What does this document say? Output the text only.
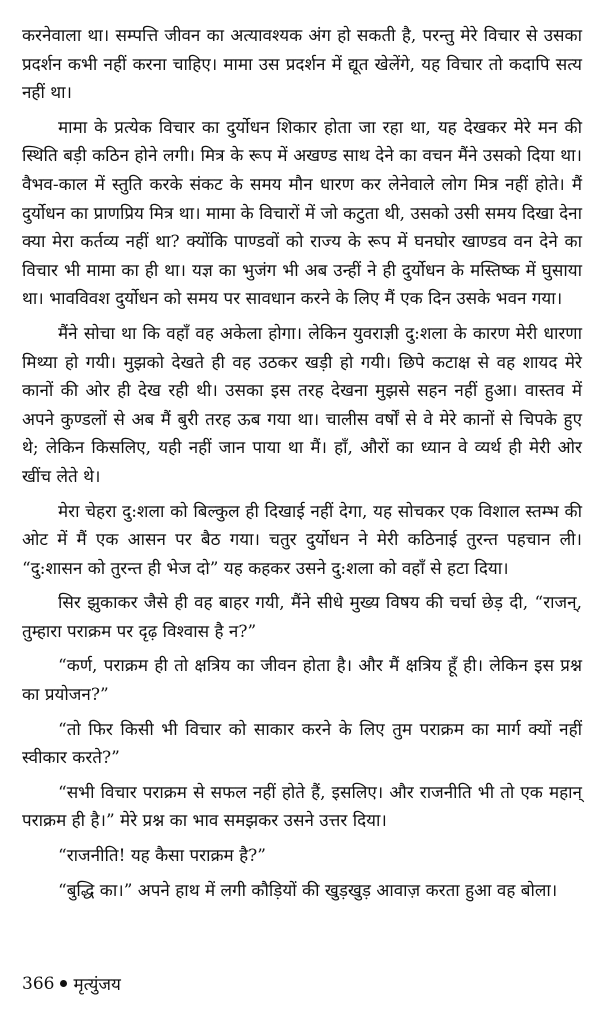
करनेवाला था। सम्पत्ति जीवन का अत्यावश्यक अंग हो सकती है, परन्तु मेरे विचार से उसका प्रदर्शन कभी नहीं करना चाहिए। मामा उस प्रदर्शन में द्यूत खेलेंगे, यह विचार तो कदापि सत्य नहीं था।

मामा के प्रत्येक विचार का दुर्योधन शिकार होता जा रहा था, यह देखकर मेरे मन की स्थिति बड़ी कठिन होने लगी। मित्र के रूप में अखण्ड साथ देने का वचन मैंने उसको दिया था। वैभव-काल में स्तुति करके संकट के समय मौन धारण कर लेनेवाले लोग मित्र नहीं होते। मैं दुर्योधन का प्राणप्रिय मित्र था। मामा के विचारों में जो कटुता थी, उसको उसी समय दिखा देना क्या मेरा कर्तव्य नहीं था? क्योंकि पाण्डवों को राज्य के रूप में घनघोर खाण्डव वन देने का विचार भी मामा का ही था। यज्ञ का भुजंग भी अब उन्हीं ने ही दुर्योधन के मस्तिष्क में घुसाया था। भावविवश दुर्योधन को समय पर सावधान करने के लिए मैं एक दिन उसके भवन गया।

मैंने सोचा था कि वहाँ वह अकेला होगा। लेकिन युवराज्ञी दु:शला के कारण मेरी धारणा मिथ्या हो गयी। मुझको देखते ही वह उठकर खड़ी हो गयी। छिपे कटाक्ष से वह शायद मेरे कानों की ओर ही देख रही थी। उसका इस तरह देखना मुझसे सहन नहीं हुआ। वास्तव में अपने कुण्डलों से अब मैं बुरी तरह ऊब गया था। चालीस वर्षों से वे मेरे कानों से चिपके हुए थे; लेकिन किसलिए, यही नहीं जान पाया था मैं। हाँ, औरों का ध्यान वे व्यर्थ ही मेरी ओर खींच लेते थे।

मेरा चेहरा दु:शला को बिल्कुल ही दिखाई नहीं देगा, यह सोचकर एक विशाल स्तम्भ की ओट में मैं एक आसन पर बैठ गया। चतुर दुर्योधन ने मेरी कठिनाई तुरन्त पहचान ली। “दु:शासन को तुरन्त ही भेज दो” यह कहकर उसने दु:शला को वहाँ से हटा दिया।

सिर झुकाकर जैसे ही वह बाहर गयी, मैंने सीधे मुख्य विषय की चर्चा छेड़ दी, “राजन्, तुम्हारा पराक्रम पर दृढ़ विश्वास है न?”

“कर्ण, पराक्रम ही तो क्षत्रिय का जीवन होता है। और मैं क्षत्रिय हूँ ही। लेकिन इस प्रश्न का प्रयोजन?”

“तो फिर किसी भी विचार को साकार करने के लिए तुम पराक्रम का मार्ग क्यों नहीं स्वीकार करते?”

“सभी विचार पराक्रम से सफल नहीं होते हैं, इसलिए। और राजनीति भी तो एक महान् पराक्रम ही है।” मेरे प्रश्न का भाव समझकर उसने उत्तर दिया।

“राजनीति! यह कैसा पराक्रम है?”

“बुद्धि का।” अपने हाथ में लगी कौड़ियों की खुड़खुड़ आवाज़ करता हुआ वह बोला।

366 मृत्युंजय
